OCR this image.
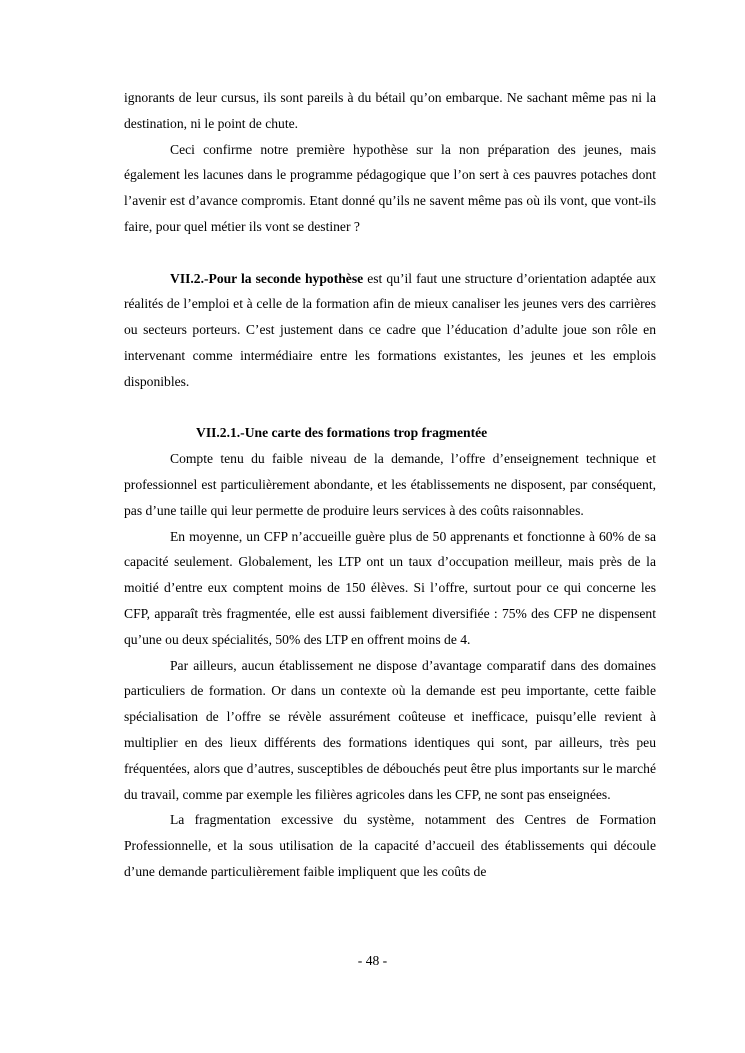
ignorants de leur cursus, ils sont pareils à du bétail qu’on embarque. Ne sachant même pas ni la destination, ni le point de chute.

Ceci confirme notre première hypothèse sur la non préparation des jeunes, mais également les lacunes dans le programme pédagogique que l’on sert à ces pauvres potaches dont l’avenir est d’avance compromis. Etant donné qu’ils ne savent même pas où ils vont, que vont-ils faire, pour quel métier ils vont se destiner ?

VII.2.-Pour la seconde hypothèse est qu’il faut une structure d’orientation adaptée aux réalités de l’emploi et à celle de la formation afin de mieux canaliser les jeunes vers des carrières ou secteurs porteurs. C’est justement dans ce cadre que l’éducation d’adulte joue son rôle en intervenant comme intermédiaire entre les formations existantes, les jeunes et les emplois disponibles.

VII.2.1.-Une carte des formations trop fragmentée

Compte tenu du faible niveau de la demande, l’offre d’enseignement technique et professionnel est particulièrement abondante, et les établissements ne disposent, par conséquent, pas d’une taille qui leur permette de produire leurs services à des coûts raisonnables.

En moyenne, un CFP n’accueille guère plus de 50 apprenants et fonctionne à 60% de sa capacité seulement. Globalement, les LTP ont un taux d’occupation meilleur, mais près de la moitié d’entre eux comptent moins de 150 élèves. Si l’offre, surtout pour ce qui concerne les CFP, apparaît très fragmentée, elle est aussi faiblement diversifiée : 75% des CFP ne dispensent qu’une ou deux spécialités, 50% des LTP en offrent moins de 4.

Par ailleurs, aucun établissement ne dispose d’avantage comparatif dans des domaines particuliers de formation. Or dans un contexte où la demande est peu importante, cette faible spécialisation de l’offre se révèle assurément coûteuse et inefficace, puisqu’elle revient à multiplier en des lieux différents des formations identiques qui sont, par ailleurs, très peu fréquentées, alors que d’autres, susceptibles de débouchés peut être plus importants sur le marché du travail, comme par exemple les filières agricoles dans les CFP, ne sont pas enseignées.

La fragmentation excessive du système, notamment des Centres de Formation Professionnelle, et la sous utilisation de la capacité d’accueil des établissements qui découle d’une demande particulièrement faible impliquent que les coûts de

- 48 -
